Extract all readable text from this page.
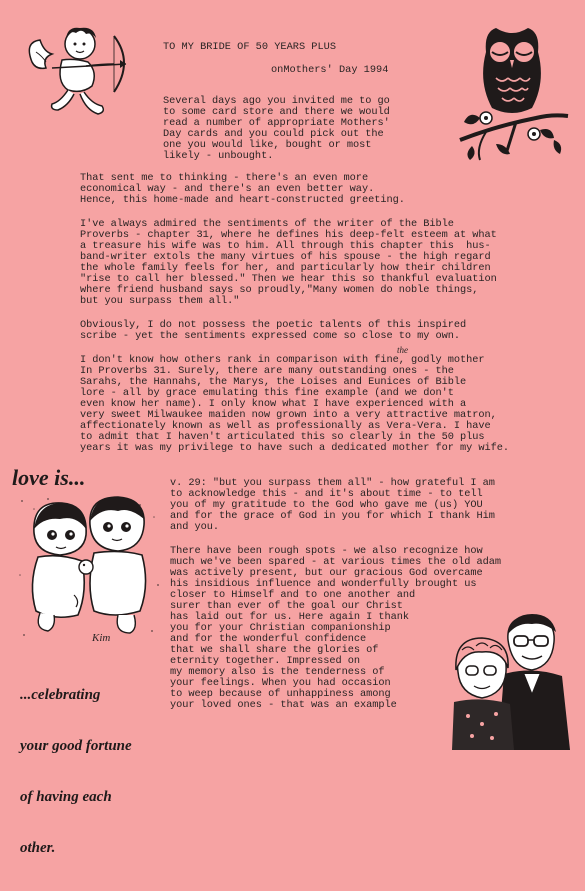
TO MY BRIDE OF 50 YEARS PLUS
onMothers' Day 1994
Several days ago you invited me to go
to some card store and there we would
read a number of appropriate Mothers'
Day cards and you could pick out the
one you would like, bought or most
likely - unbought.
That sent me to thinking - there's an even more
economical way - and there's an even better way.
Hence, this home-made and heart-constructed greeting.
I've always admired the sentiments of the writer of the Bible
Proverbs - chapter 31, where he defines his deep-felt esteem at what
a treasure his wife was to him. All through this chapter this  hus-
band-writer extols the many virtues of his spouse - the high regard
the whole family feels for her, and particularly how their children
"rise to call her blessed." Then we hear this so thankful evaluation
where friend husband says so proudly,"Many women do noble things,
but you surpass them all."
Obviously, I do not possess the poetic talents of this inspired
scribe - yet the sentiments expressed come so close to my own.
the
I don't know how others rank in comparison with fine, godly mother
In Proverbs 31. Surely, there are many outstanding ones - the
Sarahs, the Hannahs, the Marys, the Loises and Eunices of Bible
lore - all by grace emulating this fine example (and we don't
even know her name). I only know what I have experienced with a
very sweet Milwaukee maiden now grown into a very attractive matron,
affectionately known as well as professionally as Vera-Vera. I have
to admit that I haven't articulated this so clearly in the 50 plus
years it was my privilege to have such a dedicated mother for my wife.
love is...
Kim

...celebrating

your good fortune

of having each

other.

v. 29: "but you surpass them all" - how grateful I am
to acknowledge this - and it's about time - to tell
you of my gratitude to the God who gave me (us) YOU
and for the grace of God in you for which I thank Him
and you.
There have been rough spots - we also recognize how
much we've been spared - at various times the old adam
was actively present, but our gracious God overcame
his insidious influence and wonderfully brought us
closer to Himself and to one another and
surer than ever of the goal our Christ
has laid out for us. Here again I thank
you for your Christian companionship
and for the wonderful confidence
that we shall share the glories of
eternity together. Impressed on
my memory also is the tenderness of
your feelings. When you had occasion
to weep because of unhappiness among
your loved ones - that was an example
